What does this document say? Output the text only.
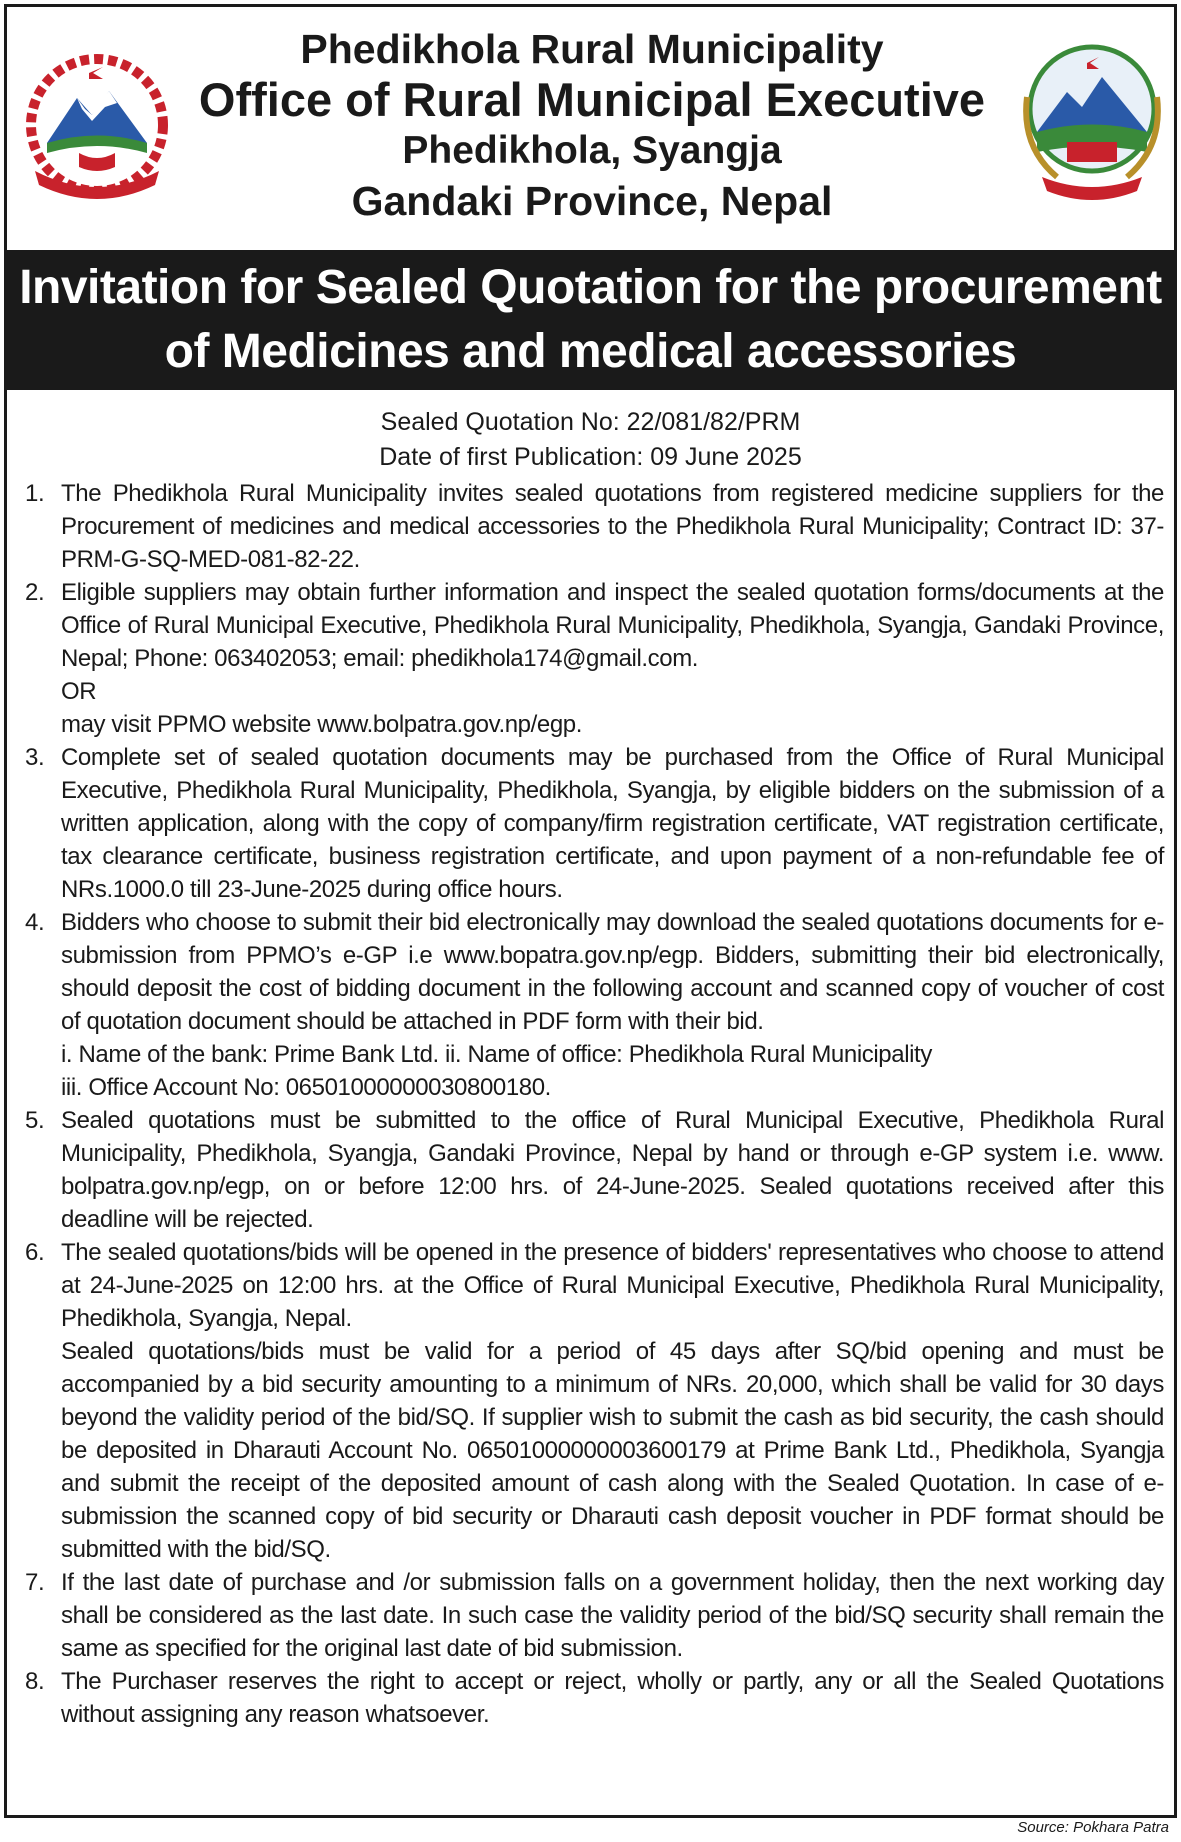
Phedikhola Rural Municipality
Office of Rural Municipal Executive
Phedikhola, Syangja
Gandaki Province, Nepal
Invitation for Sealed Quotation for the procurement
of Medicines and medical accessories
Sealed Quotation No: 22/081/82/PRM
Date of first Publication: 09 June 2025
1. The Phedikhola Rural Municipality invites sealed quotations from registered medicine suppliers for the Procurement of medicines and medical accessories to the Phedikhola Rural Municipality; Contract ID: 37-PRM-G-SQ-MED-081-82-22.
2. Eligible suppliers may obtain further information and inspect the sealed quotation forms/documents at the Office of Rural Municipal Executive, Phedikhola Rural Municipality, Phedikhola, Syangja, Gandaki Province, Nepal; Phone: 063402053; email: phedikhola174@gmail.com.
OR
may visit PPMO website www.bolpatra.gov.np/egp.
3. Complete set of sealed quotation documents may be purchased from the Office of Rural Municipal Executive, Phedikhola Rural Municipality, Phedikhola, Syangja, by eligible bidders on the submission of a written application, along with the copy of company/firm registration certificate, VAT registration certificate, tax clearance certificate, business registration certificate, and upon payment of a non-refundable fee of NRs.1000.0 till 23-June-2025 during office hours.
4. Bidders who choose to submit their bid electronically may download the sealed quotations documents for e-submission from PPMO’s e-GP i.e www.bopatra.gov.np/egp. Bidders, submitting their bid electronically, should deposit the cost of bidding document in the following account and scanned copy of voucher of cost of quotation document should be attached in PDF form with their bid.
i. Name of the bank: Prime Bank Ltd. ii. Name of office: Phedikhola Rural Municipality
iii. Office Account No: 06501000000030800180.
5. Sealed quotations must be submitted to the office of Rural Municipal Executive, Phedikhola Rural Municipality, Phedikhola, Syangja, Gandaki Province, Nepal by hand or through e-GP system i.e. www. bolpatra.gov.np/egp, on or before 12:00 hrs. of 24-June-2025. Sealed quotations received after this deadline will be rejected.
6. The sealed quotations/bids will be opened in the presence of bidders' representatives who choose to attend at 24-June-2025 on 12:00 hrs. at the Office of Rural Municipal Executive, Phedikhola Rural Municipality, Phedikhola, Syangja, Nepal.
Sealed quotations/bids must be valid for a period of 45 days after SQ/bid opening and must be accompanied by a bid security amounting to a minimum of NRs. 20,000, which shall be valid for 30 days beyond the validity period of the bid/SQ. If supplier wish to submit the cash as bid security, the cash should be deposited in Dharauti Account No. 06501000000003600179 at Prime Bank Ltd., Phedikhola, Syangja and submit the receipt of the deposited amount of cash along with the Sealed Quotation. In case of e-submission the scanned copy of bid security or Dharauti cash deposit voucher in PDF format should be submitted with the bid/SQ.
7. If the last date of purchase and /or submission falls on a government holiday, then the next working day shall be considered as the last date. In such case the validity period of the bid/SQ security shall remain the same as specified for the original last date of bid submission.
8. The Purchaser reserves the right to accept or reject, wholly or partly, any or all the Sealed Quotations without assigning any reason whatsoever.
Source: Pokhara Patra
